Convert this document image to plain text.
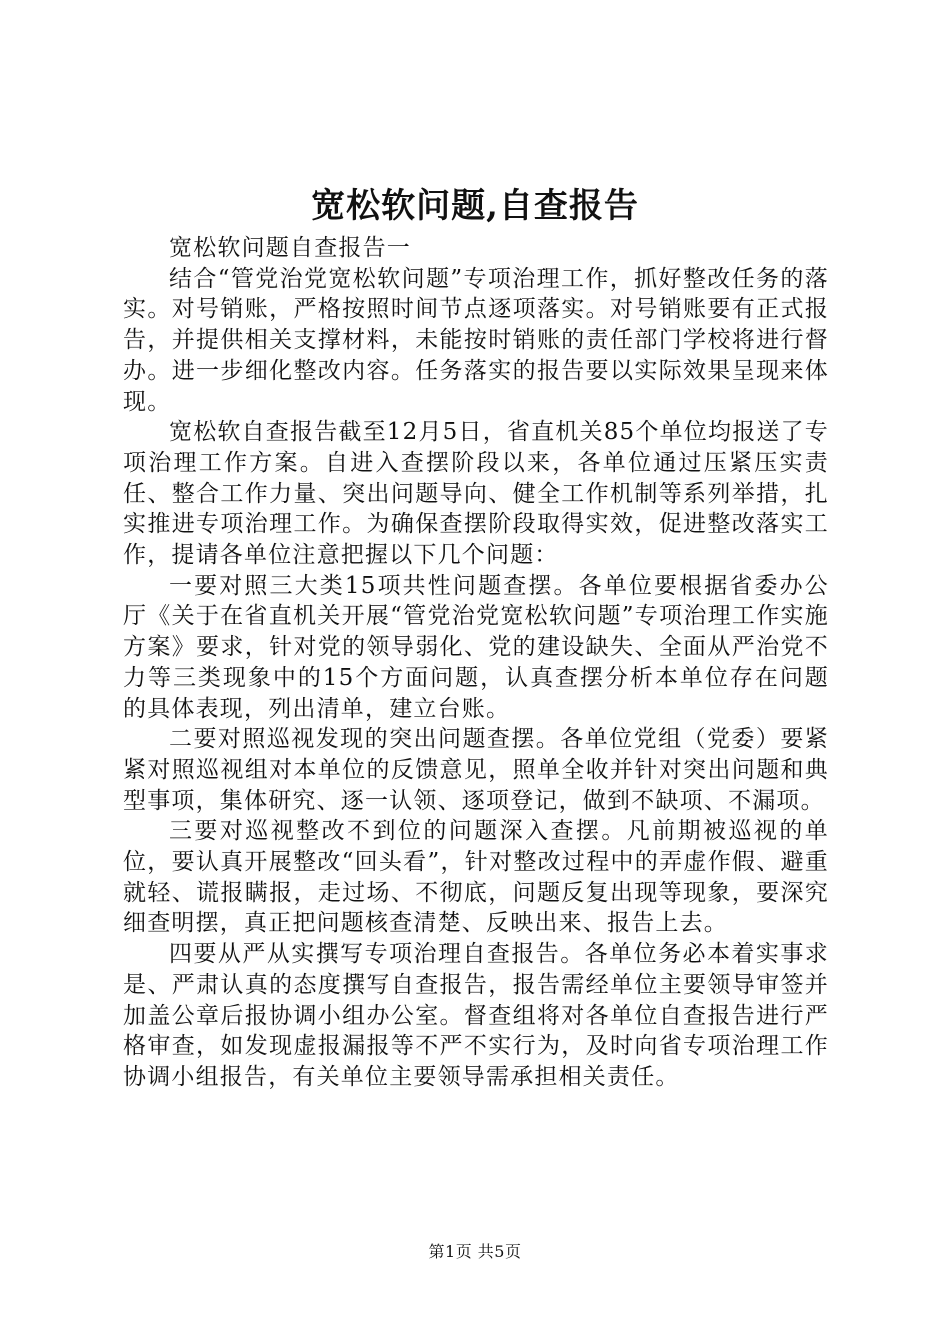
宽松软问题,自查报告

宽松软问题自查报告一

结合“管党治党宽松软问题”专项治理工作，抓好整改任务的落实。对号销账，严格按照时间节点逐项落实。对号销账要有正式报告，并提供相关支撑材料，未能按时销账的责任部门学校将进行督办。进一步细化整改内容。任务落实的报告要以实际效果呈现来体现。

宽松软自查报告截至12月5日，省直机关85个单位均报送了专项治理工作方案。自进入查摆阶段以来，各单位通过压紧压实责任、整合工作力量、突出问题导向、健全工作机制等系列举措，扎实推进专项治理工作。为确保查摆阶段取得实效，促进整改落实工作，提请各单位注意把握以下几个问题：

一要对照三大类15项共性问题查摆。各单位要根据省委办公厅《关于在省直机关开展“管党治党宽松软问题”专项治理工作实施方案》要求，针对党的领导弱化、党的建设缺失、全面从严治党不力等三类现象中的15个方面问题，认真查摆分析本单位存在问题的具体表现，列出清单，建立台账。

二要对照巡视发现的突出问题查摆。各单位党组（党委）要紧紧对照巡视组对本单位的反馈意见，照单全收并针对突出问题和典型事项，集体研究、逐一认领、逐项登记，做到不缺项、不漏项。

三要对巡视整改不到位的问题深入查摆。凡前期被巡视的单位，要认真开展整改“回头看”，针对整改过程中的弄虚作假、避重就轻、谎报瞒报，走过场、不彻底，问题反复出现等现象，要深究细查明摆，真正把问题核查清楚、反映出来、报告上去。

四要从严从实撰写专项治理自查报告。各单位务必本着实事求是、严肃认真的态度撰写自查报告，报告需经单位主要领导审签并加盖公章后报协调小组办公室。督查组将对各单位自查报告进行严格审查，如发现虚报漏报等不严不实行为，及时向省专项治理工作协调小组报告，有关单位主要领导需承担相关责任。

第1页 共5页
